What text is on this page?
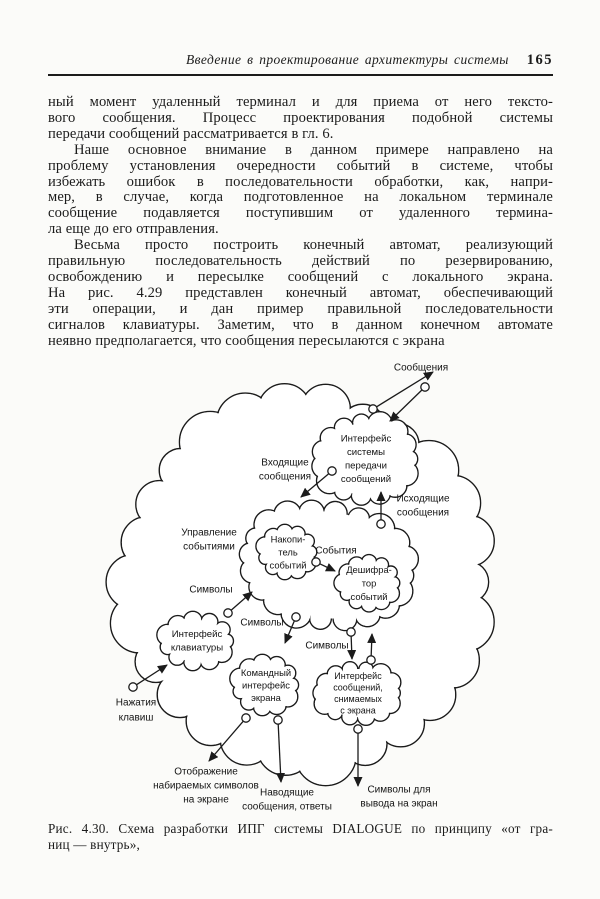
Интерфейс системы передачи сообщений
Накопи-тель событий	Дешифра-тор событий
Интерфейс клавиатуры
Командный интерфейс экрана
Интерфейс сообщений, снимаемых с экрана
Сообщения
Входящие сообщения
Исходящие сообщения
Управление событиями	События
Символы
Символы
Символы
Нажатия клавиш
Отображение набираемых символов на экране
Наводящие сообщения, ответы
Символы для вывода на экран
Введение в проектирование архитектуры системы 165
ный момент удаленный терминал и для приема от него тексто-
вого сообщения. Процесс проектирования подобной системы
передачи сообщений рассматривается в гл. 6.
Наше основное внимание в данном примере направлено на
проблему установления очередности событий в системе, чтобы
избежать ошибок в последовательности обработки, как, напри-
мер, в случае, когда подготовленное на локальном терминале
сообщение подавляется поступившим от удаленного термина-
ла еще до его отправления.
Весьма просто построить конечный автомат, реализующий
правильную последовательность действий по резервированию,
освобождению и пересылке сообщений с локального экрана.
На рис. 4.29 представлен конечный автомат, обеспечивающий
эти операции, и дан пример правильной последовательности
сигналов клавиатуры. Заметим, что в данном конечном автомате
неявно предполагается, что сообщения пересылаются с экрана
Рис. 4.30. Схема разработки ИПГ системы DIALOGUE по принципу «от гра-
ниц — внутрь»,
